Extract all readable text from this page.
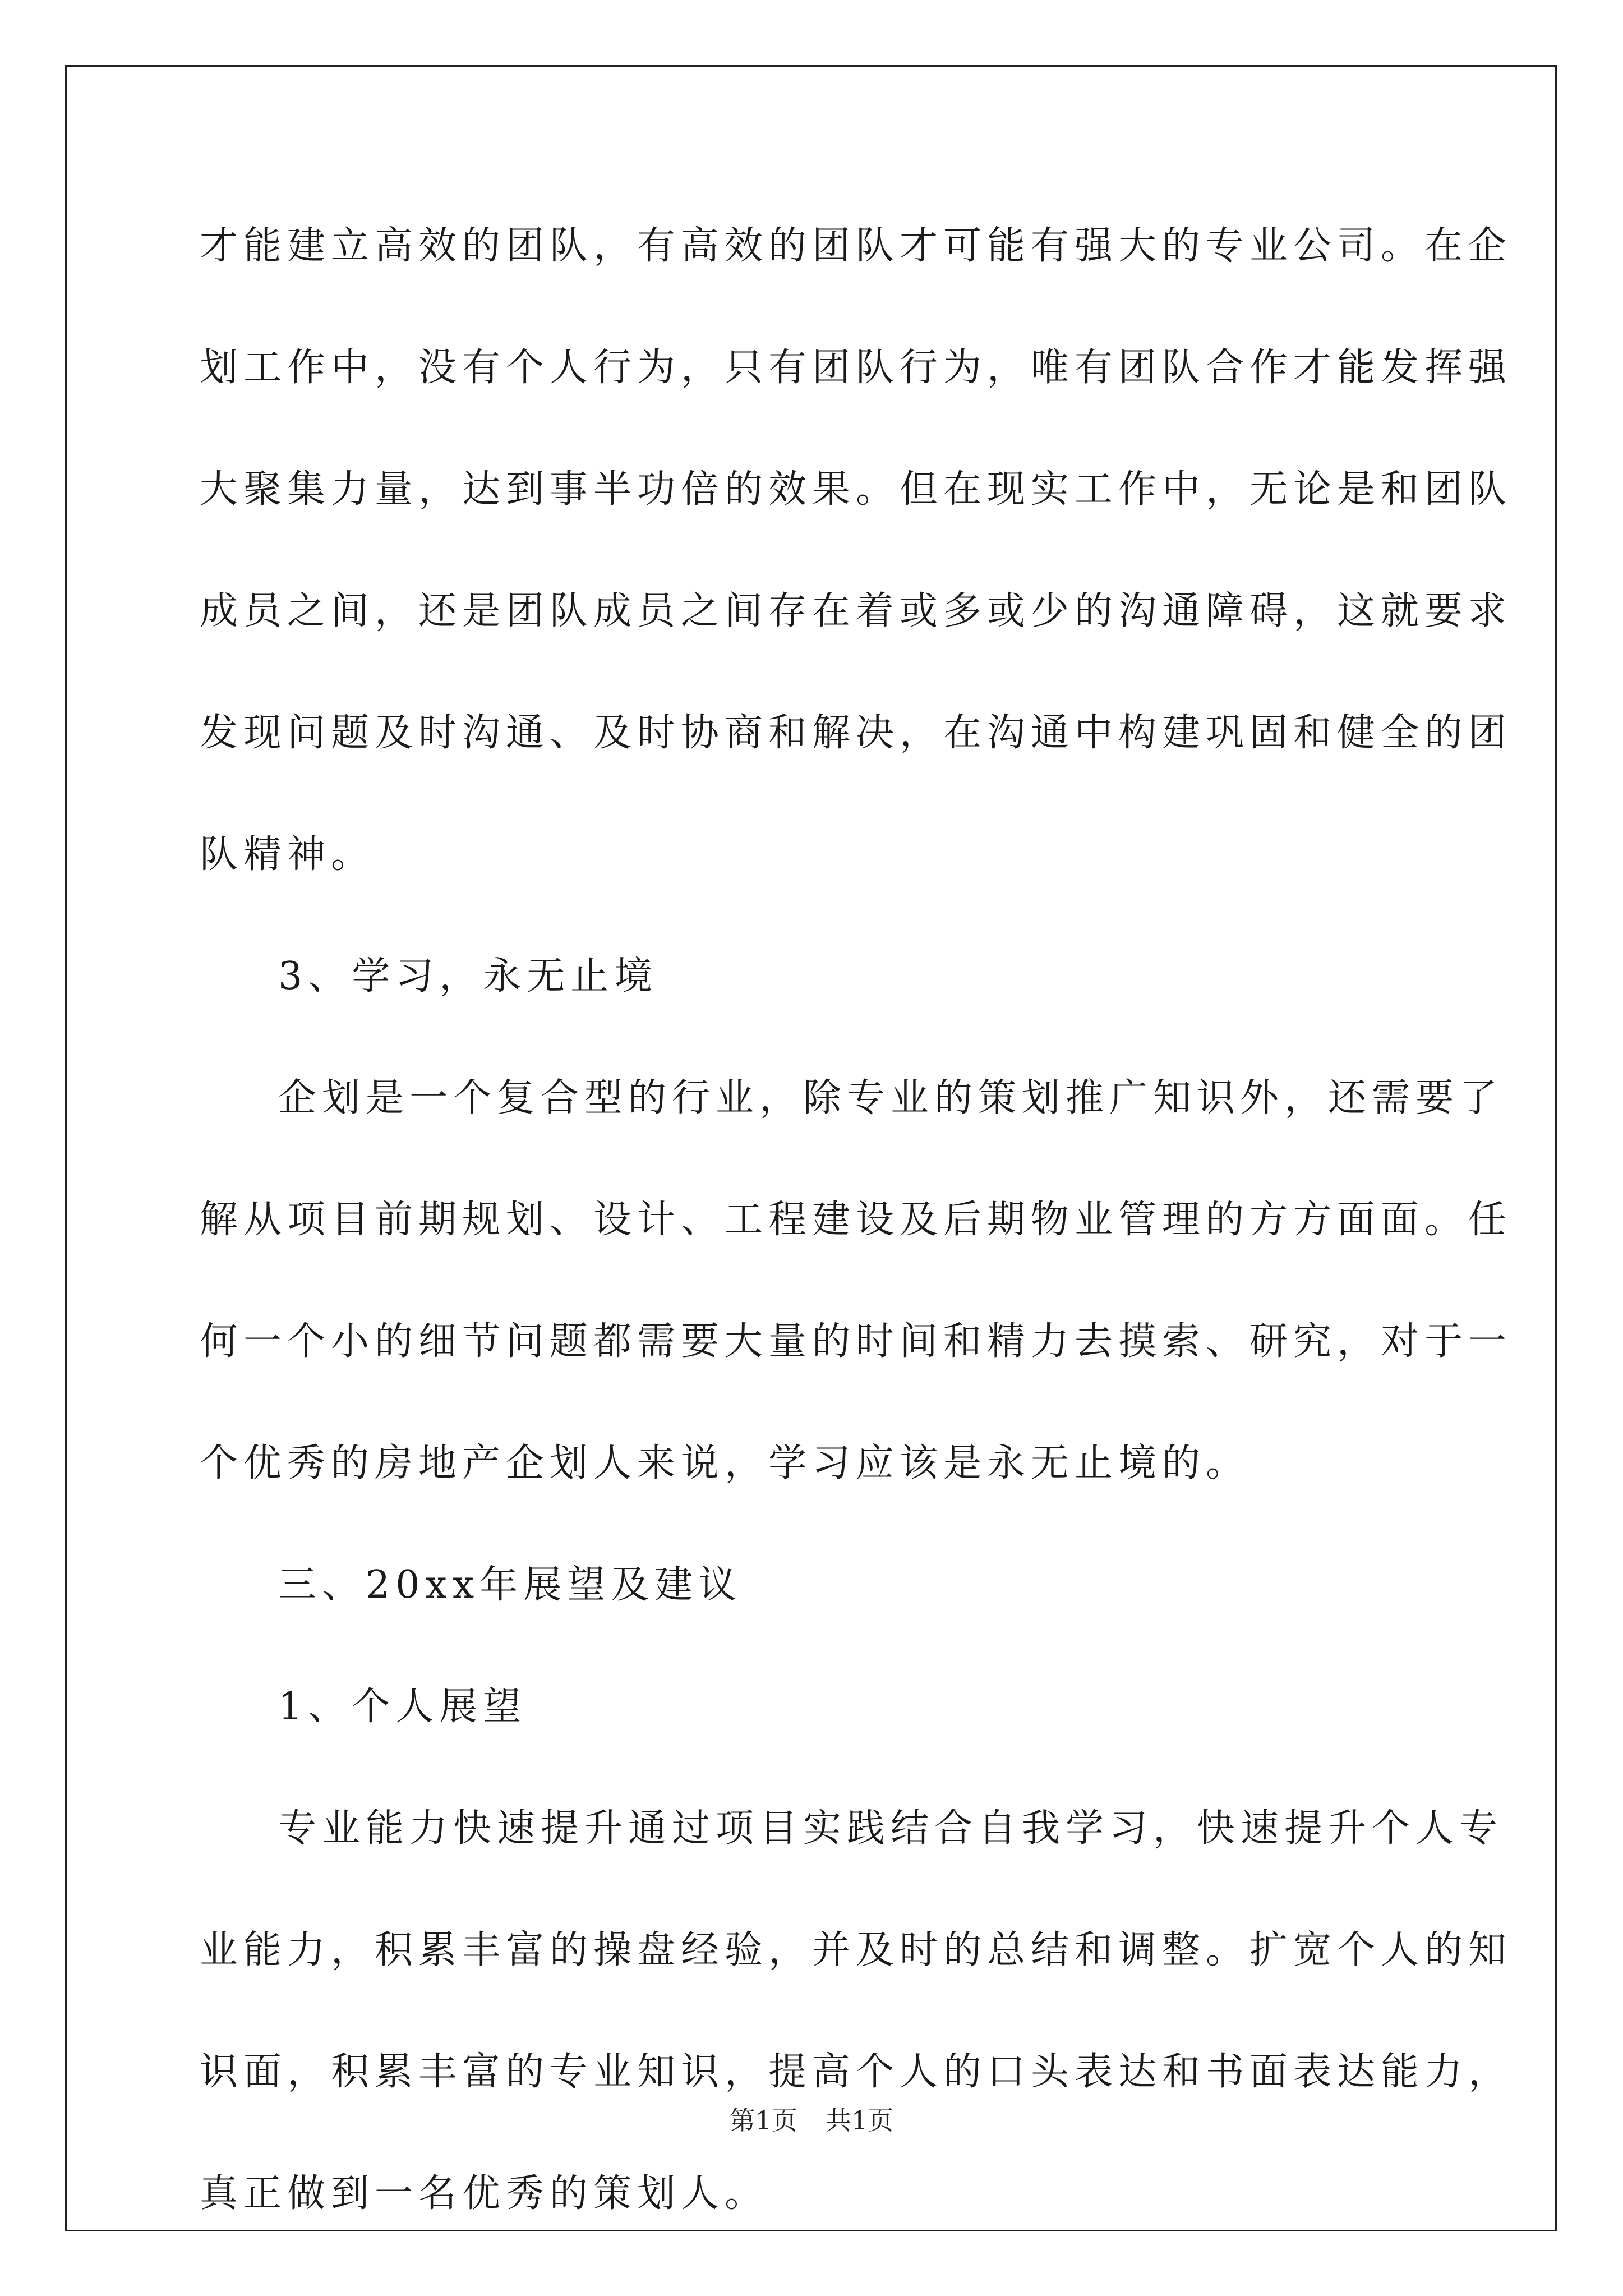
才能建立高效的团队，有高效的团队才可能有强大的专业公司。在企
划工作中，没有个人行为，只有团队行为，唯有团队合作才能发挥强
大聚集力量，达到事半功倍的效果。但在现实工作中，无论是和团队
成员之间，还是团队成员之间存在着或多或少的沟通障碍，这就要求
发现问题及时沟通、及时协商和解决，在沟通中构建巩固和健全的团
队精神。
3、学习，永无止境
企划是一个复合型的行业，除专业的策划推广知识外，还需要了
解从项目前期规划、设计、工程建设及后期物业管理的方方面面。任
何一个小的细节问题都需要大量的时间和精力去摸索、研究，对于一
个优秀的房地产企划人来说，学习应该是永无止境的。
三、20xx年展望及建议
1、个人展望
专业能力快速提升通过项目实践结合自我学习，快速提升个人专
业能力，积累丰富的操盘经验，并及时的总结和调整。扩宽个人的知
识面，积累丰富的专业知识，提高个人的口头表达和书面表达能力，
真正做到一名优秀的策划人。
第1页 共1页
